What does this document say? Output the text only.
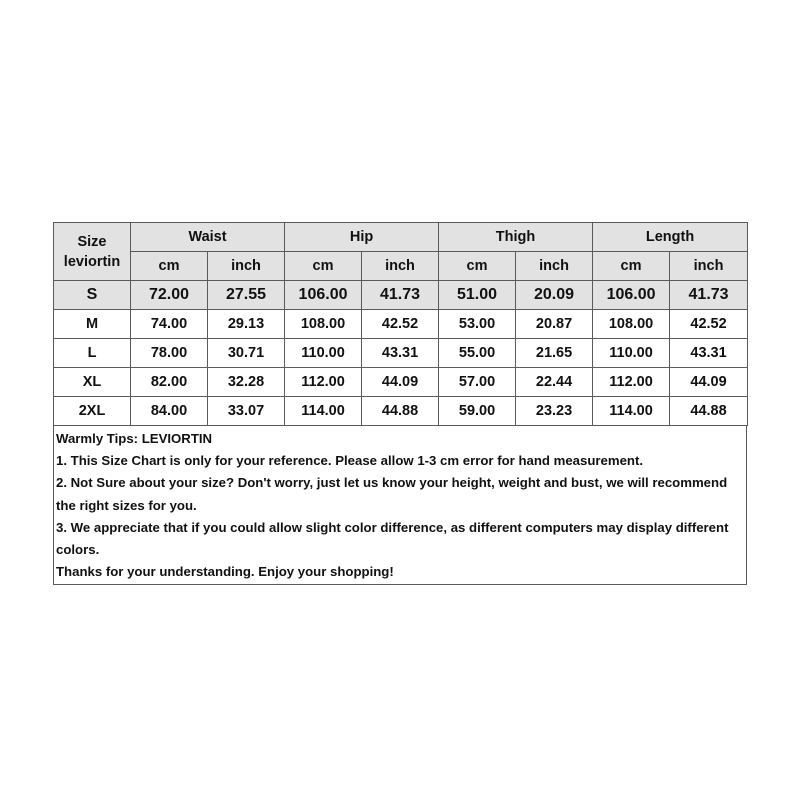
Size
leviortin	Waist		Hip		Thigh		Length	
	cm	inch	cm	inch	cm	inch	cm	inch
S	72.00	27.55	106.00	41.73	51.00	20.09	106.00	41.73
M	74.00	29.13	108.00	42.52	53.00	20.87	108.00	42.52
L	78.00	30.71	110.00	43.31	55.00	21.65	110.00	43.31
XL	82.00	32.28	112.00	44.09	57.00	22.44	112.00	44.09
2XL	84.00	33.07	114.00	44.88	59.00	23.23	114.00	44.88
Warmly Tips: LEVIORTIN
1. This Size Chart is only for your reference. Please allow 1-3 cm error for hand measurement.
2. Not Sure about your size? Don't worry, just let us know your height, weight and bust, we will recommend the right sizes for you.
3. We appreciate that if you could allow slight color difference, as different computers may display different colors.
Thanks for your understanding. Enjoy your shopping!
